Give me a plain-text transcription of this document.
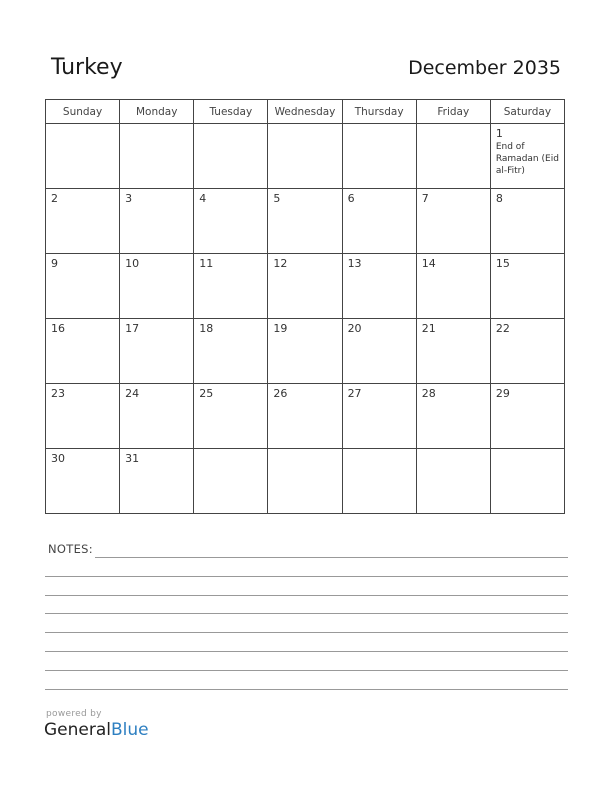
Turkey	December 2035
Sunday	Monday	Tuesday	Wednesday	Thursday	Friday	Saturday

						1
End of Ramadan (Eid al-Fitr)

2	3	4	5	6	7	8

9	10	11	12	13	14	15

16	17	18	19	20	21	22

23	24	25	26	27	28	29

30	31					

NOTES:
powered by
GeneralBlue
